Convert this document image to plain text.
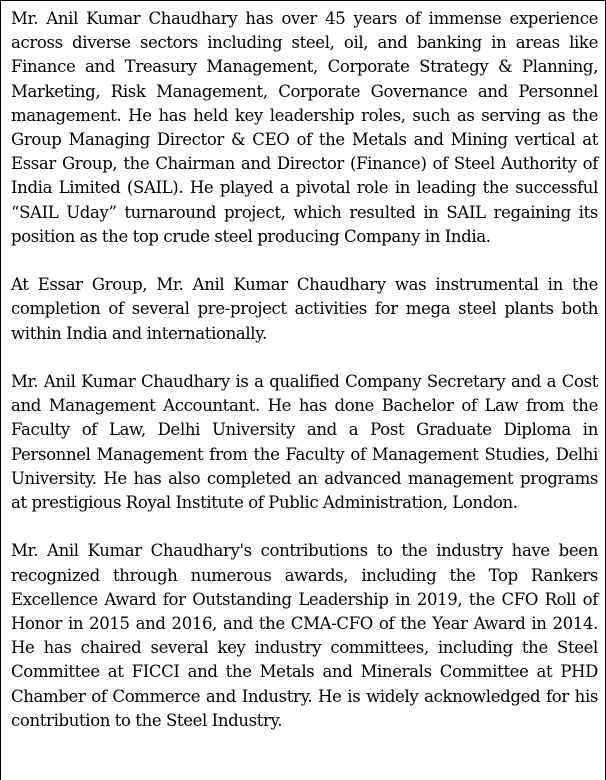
Mr. Anil Kumar Chaudhary has over 45 years of immense experience across diverse sectors including steel, oil, and banking in areas like Finance and Treasury Management, Corporate Strategy & Planning, Marketing, Risk Management, Corporate Governance and Personnel management. He has held key leadership roles, such as serving as the Group Managing Director & CEO of the Metals and Mining vertical at Essar Group, the Chairman and Director (Finance) of Steel Authority of India Limited (SAIL). He played a pivotal role in leading the successful “SAIL Uday” turnaround project, which resulted in SAIL regaining its position as the top crude steel producing Company in India.

At Essar Group, Mr. Anil Kumar Chaudhary was instrumental in the completion of several pre-project activities for mega steel plants both within India and internationally.

Mr. Anil Kumar Chaudhary is a qualified Company Secretary and a Cost and Management Accountant. He has done Bachelor of Law from the Faculty of Law, Delhi University and a Post Graduate Diploma in Personnel Management from the Faculty of Management Studies, Delhi University. He has also completed an advanced management programs at prestigious Royal Institute of Public Administration, London.

Mr. Anil Kumar Chaudhary's contributions to the industry have been recognized through numerous awards, including the Top Rankers Excellence Award for Outstanding Leadership in 2019, the CFO Roll of Honor in 2015 and 2016, and the CMA-CFO of the Year Award in 2014. He has chaired several key industry committees, including the Steel Committee at FICCI and the Metals and Minerals Committee at PHD Chamber of Commerce and Industry. He is widely acknowledged for his contribution to the Steel Industry.
